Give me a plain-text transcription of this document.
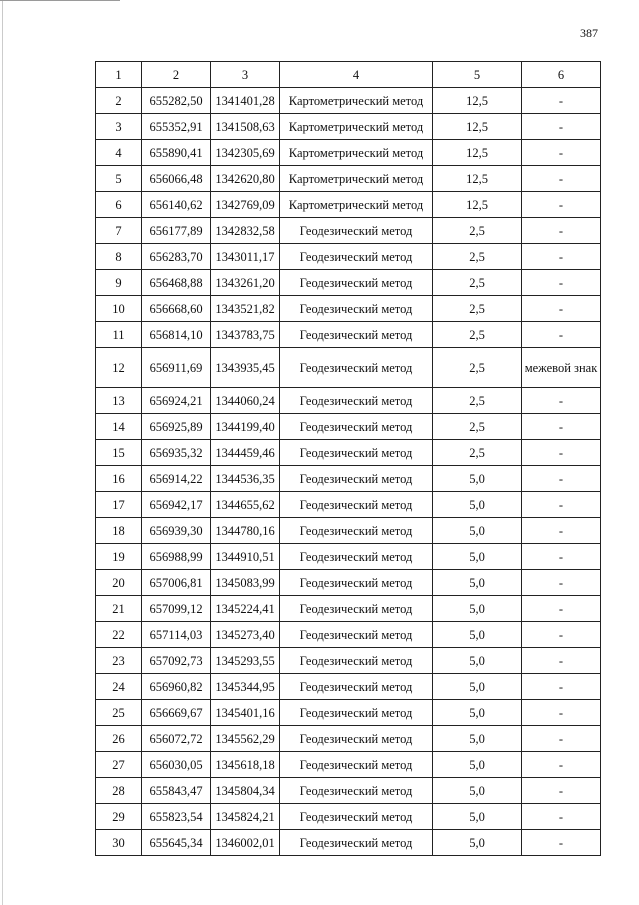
387
1	2	3	4	5	6
2	655282,50	1341401,28	Картометрический метод	12,5	-
3	655352,91	1341508,63	Картометрический метод	12,5	-
4	655890,41	1342305,69	Картометрический метод	12,5	-
5	656066,48	1342620,80	Картометрический метод	12,5	-
6	656140,62	1342769,09	Картометрический метод	12,5	-
7	656177,89	1342832,58	Геодезический метод	2,5	-
8	656283,70	1343011,17	Геодезический метод	2,5	-
9	656468,88	1343261,20	Геодезический метод	2,5	-
10	656668,60	1343521,82	Геодезический метод	2,5	-
11	656814,10	1343783,75	Геодезический метод	2,5	-
12	656911,69	1343935,45	Геодезический метод	2,5	межевой знак
13	656924,21	1344060,24	Геодезический метод	2,5	-
14	656925,89	1344199,40	Геодезический метод	2,5	-
15	656935,32	1344459,46	Геодезический метод	2,5	-
16	656914,22	1344536,35	Геодезический метод	5,0	-
17	656942,17	1344655,62	Геодезический метод	5,0	-
18	656939,30	1344780,16	Геодезический метод	5,0	-
19	656988,99	1344910,51	Геодезический метод	5,0	-
20	657006,81	1345083,99	Геодезический метод	5,0	-
21	657099,12	1345224,41	Геодезический метод	5,0	-
22	657114,03	1345273,40	Геодезический метод	5,0	-
23	657092,73	1345293,55	Геодезический метод	5,0	-
24	656960,82	1345344,95	Геодезический метод	5,0	-
25	656669,67	1345401,16	Геодезический метод	5,0	-
26	656072,72	1345562,29	Геодезический метод	5,0	-
27	656030,05	1345618,18	Геодезический метод	5,0	-
28	655843,47	1345804,34	Геодезический метод	5,0	-
29	655823,54	1345824,21	Геодезический метод	5,0	-
30	655645,34	1346002,01	Геодезический метод	5,0	-
